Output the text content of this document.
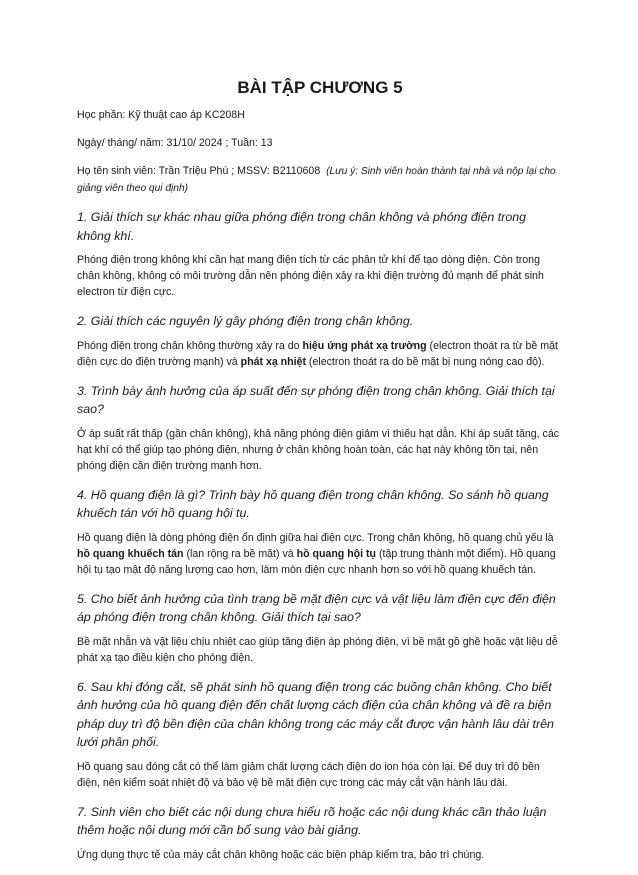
BÀI TẬP CHƯƠNG 5

Học phần: Kỹ thuật cao áp KC208H

Ngày/ tháng/ năm: 31/10/ 2024 ; Tuần: 13

Họ tên sinh viên: Trần Triệu Phú ; MSSV: B2110608 (Lưu ý: Sinh viên hoàn thành tại nhà và nộp lại cho giảng viên theo qui định)

1. Giải thích sự khác nhau giữa phóng điện trong chân không và phóng điện trong không khí.

Phóng điện trong không khí cần hạt mang điện tích từ các phân tử khí để tạo dòng điện. Còn trong chân không, không có môi trường dẫn nên phóng điện xảy ra khi điện trường đủ mạnh để phát sinh electron từ điện cực.

2. Giải thích các nguyên lý gây phóng điện trong chân không.

Phóng điện trong chân không thường xảy ra do hiệu ứng phát xạ trường (electron thoát ra từ bề mặt điện cực do điện trường mạnh) và phát xạ nhiệt (electron thoát ra do bề mặt bị nung nóng cao độ).

3. Trình bày ảnh hưởng của áp suất đến sự phóng điện trong chân không. Giải thích tại sao?

Ở áp suất rất thấp (gần chân không), khả năng phóng điện giảm vì thiếu hạt dẫn. Khi áp suất tăng, các hạt khí có thể giúp tạo phóng điện, nhưng ở chân không hoàn toàn, các hạt này không tồn tại, nên phóng điện cần điện trường mạnh hơn.

4. Hồ quang điện là gì? Trình bày hồ quang điện trong chân không. So sánh hồ quang khuếch tán với hồ quang hội tụ.

Hồ quang điện là dòng phóng điện ổn định giữa hai điện cực. Trong chân không, hồ quang chủ yếu là hồ quang khuếch tán (lan rộng ra bề mặt) và hồ quang hội tụ (tập trung thành một điểm). Hồ quang hội tụ tạo mật độ năng lượng cao hơn, làm mòn điện cực nhanh hơn so với hồ quang khuếch tán.

5. Cho biết ảnh hưởng của tình trạng bề mặt điện cực và vật liệu làm điện cực đến điện áp phóng điện trong chân không. Giải thích tại sao?

Bề mặt nhẵn và vật liệu chịu nhiệt cao giúp tăng điện áp phóng điện, vì bề mặt gồ ghề hoặc vật liệu dễ phát xạ tạo điều kiện cho phóng điện.

6. Sau khi đóng cắt, sẽ phát sinh hồ quang điện trong các buồng chân không. Cho biết ảnh hưởng của hồ quang điện đến chất lượng cách điện của chân không và đề ra biện pháp duy trì độ bền điện của chân không trong các máy cắt được vận hành lâu dài trên lưới phân phối.

Hồ quang sau đóng cắt có thể làm giảm chất lượng cách điện do ion hóa còn lại. Để duy trì độ bền điện, nên kiểm soát nhiệt độ và bảo vệ bề mặt điện cực trong các máy cắt vận hành lâu dài.

7. Sinh viên cho biết các nội dung chưa hiểu rõ hoặc các nội dung khác cần thảo luận thêm hoặc nội dung mới cần bổ sung vào bài giảng.

Ứng dụng thực tế của máy cắt chân không hoặc các biện pháp kiểm tra, bảo trì chúng.
